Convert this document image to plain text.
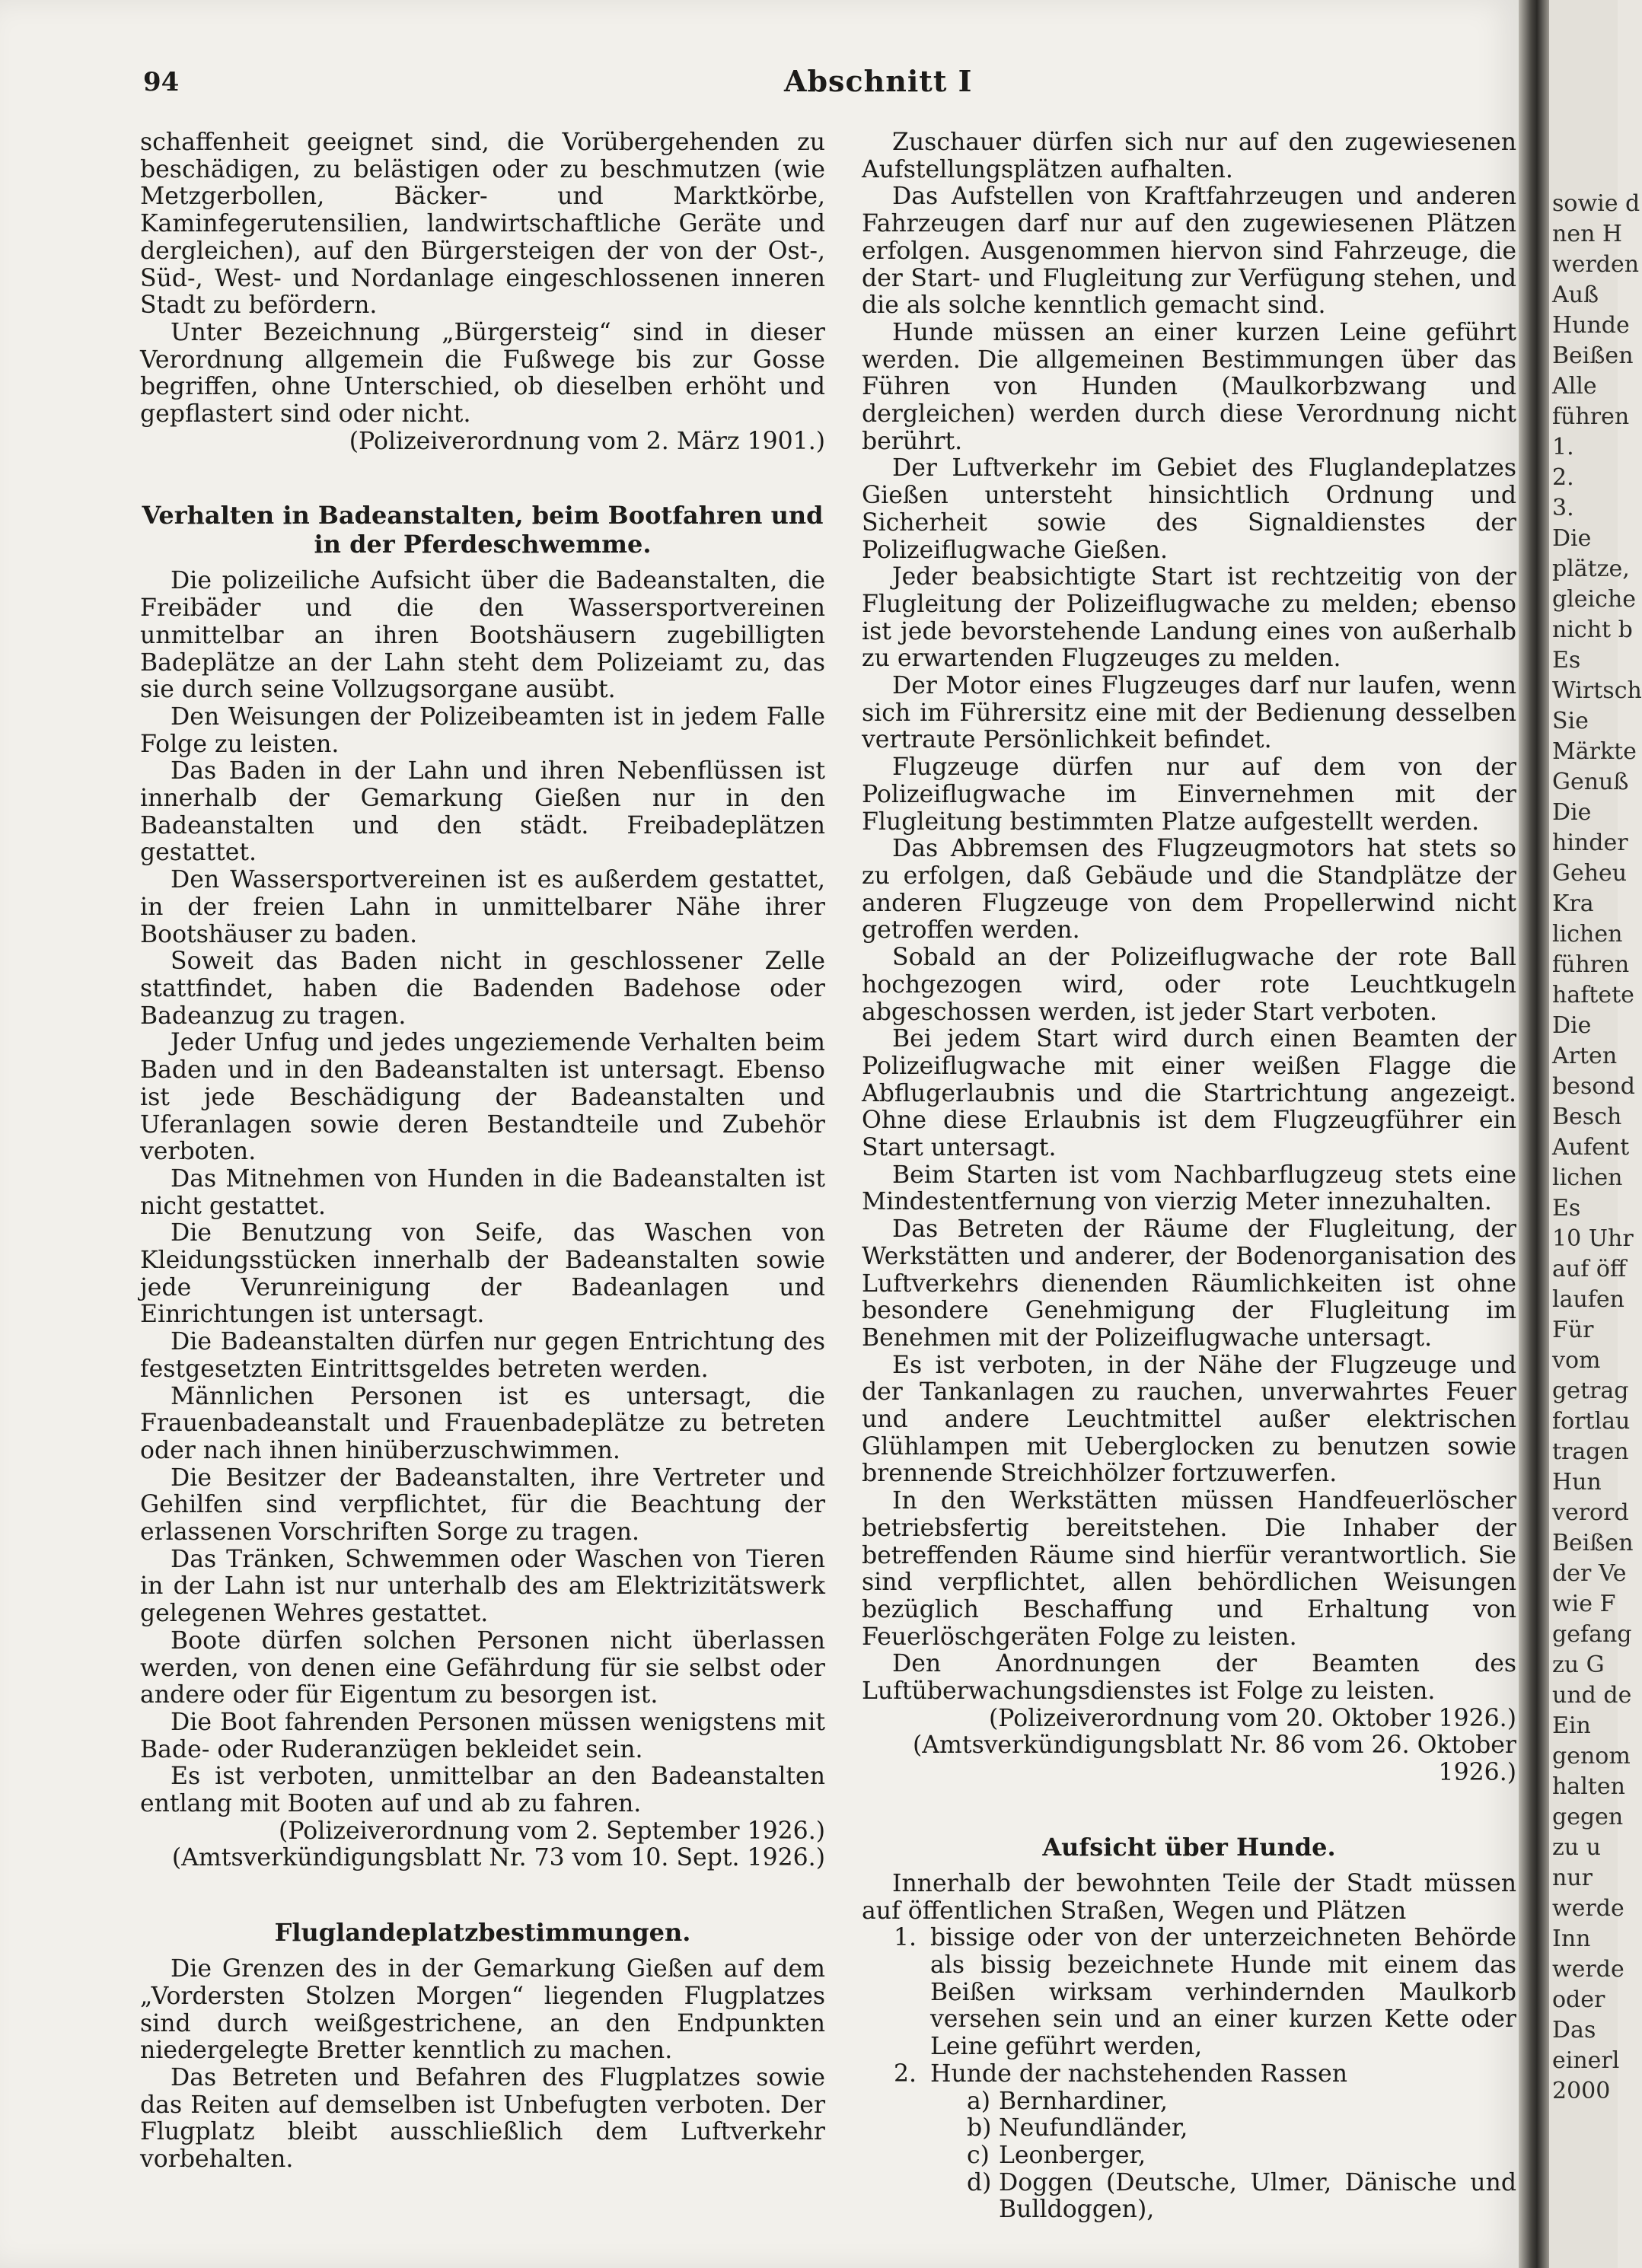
94	Abschnitt I

schaffenheit geeignet sind, die Vorübergehenden zu beschädigen, zu belästigen oder zu beschmutzen (wie Metzgerbollen, Bäcker- und Marktkörbe, Kaminfegerutensilien, landwirtschaftliche Geräte und dergleichen), auf den Bürgersteigen der von der Ost-, Süd-, West- und Nordanlage eingeschlossenen inneren Stadt zu befördern.

Unter Bezeichnung „Bürgersteig“ sind in dieser Verordnung allgemein die Fußwege bis zur Gosse begriffen, ohne Unterschied, ob dieselben erhöht und gepflastert sind oder nicht.

(Polizeiverordnung vom 2. März 1901.)

Verhalten in Badeanstalten, beim Bootfahren und in der Pferdeschwemme.

Die polizeiliche Aufsicht über die Badeanstalten, die Freibäder und die den Wassersportvereinen unmittelbar an ihren Bootshäusern zugebilligten Badeplätze an der Lahn steht dem Polizeiamt zu, das sie durch seine Vollzugsorgane ausübt.

Den Weisungen der Polizeibeamten ist in jedem Falle Folge zu leisten.

Das Baden in der Lahn und ihren Nebenflüssen ist innerhalb der Gemarkung Gießen nur in den Badeanstalten und den städt. Freibadeplätzen gestattet.

Den Wassersportvereinen ist es außerdem gestattet, in der freien Lahn in unmittelbarer Nähe ihrer Bootshäuser zu baden.

Soweit das Baden nicht in geschlossener Zelle stattfindet, haben die Badenden Badehose oder Badeanzug zu tragen.

Jeder Unfug und jedes ungeziemende Verhalten beim Baden und in den Badeanstalten ist untersagt. Ebenso ist jede Beschädigung der Badeanstalten und Uferanlagen sowie deren Bestandteile und Zubehör verboten.

Das Mitnehmen von Hunden in die Badeanstalten ist nicht gestattet.

Die Benutzung von Seife, das Waschen von Kleidungsstücken innerhalb der Badeanstalten sowie jede Verunreinigung der Badeanlagen und Einrichtungen ist untersagt.

Die Badeanstalten dürfen nur gegen Entrichtung des festgesetzten Eintrittsgeldes betreten werden.

Männlichen Personen ist es untersagt, die Frauenbadeanstalt und Frauenbadeplätze zu betreten oder nach ihnen hinüberzuschwimmen.

Die Besitzer der Badeanstalten, ihre Vertreter und Gehilfen sind verpflichtet, für die Beachtung der erlassenen Vorschriften Sorge zu tragen.

Das Tränken, Schwemmen oder Waschen von Tieren in der Lahn ist nur unterhalb des am Elektrizitätswerk gelegenen Wehres gestattet.

Boote dürfen solchen Personen nicht überlassen werden, von denen eine Gefährdung für sie selbst oder andere oder für Eigentum zu besorgen ist.

Die Boot fahrenden Personen müssen wenigstens mit Bade- oder Ruderanzügen bekleidet sein.

Es ist verboten, unmittelbar an den Badeanstalten entlang mit Booten auf und ab zu fahren.

(Polizeiverordnung vom 2. September 1926.)

(Amtsverkündigungsblatt Nr. 73 vom 10. Sept. 1926.)

Fluglandeplatzbestimmungen.

Die Grenzen des in der Gemarkung Gießen auf dem „Vordersten Stolzen Morgen“ liegenden Flugplatzes sind durch weißgestrichene, an den Endpunkten niedergelegte Bretter kenntlich zu machen.

Das Betreten und Befahren des Flugplatzes sowie das Reiten auf demselben ist Unbefugten verboten. Der Flugplatz bleibt ausschließlich dem Luftverkehr vorbehalten.

Zuschauer dürfen sich nur auf den zugewiesenen Aufstellungsplätzen aufhalten.

Das Aufstellen von Kraftfahrzeugen und anderen Fahrzeugen darf nur auf den zugewiesenen Plätzen erfolgen. Ausgenommen hiervon sind Fahrzeuge, die der Start- und Flugleitung zur Verfügung stehen, und die als solche kenntlich gemacht sind.

Hunde müssen an einer kurzen Leine geführt werden. Die allgemeinen Bestimmungen über das Führen von Hunden (Maulkorbzwang und dergleichen) werden durch diese Verordnung nicht berührt.

Der Luftverkehr im Gebiet des Fluglandeplatzes Gießen untersteht hinsichtlich Ordnung und Sicherheit sowie des Signaldienstes der Polizeiflugwache Gießen.

Jeder beabsichtigte Start ist rechtzeitig von der Flugleitung der Polizeiflugwache zu melden; ebenso ist jede bevorstehende Landung eines von außerhalb zu erwartenden Flugzeuges zu melden.

Der Motor eines Flugzeuges darf nur laufen, wenn sich im Führersitz eine mit der Bedienung desselben vertraute Persönlichkeit befindet.

Flugzeuge dürfen nur auf dem von der Polizeiflugwache im Einvernehmen mit der Flugleitung bestimmten Platze aufgestellt werden.

Das Abbremsen des Flugzeugmotors hat stets so zu erfolgen, daß Gebäude und die Standplätze der anderen Flugzeuge von dem Propellerwind nicht getroffen werden.

Sobald an der Polizeiflugwache der rote Ball hochgezogen wird, oder rote Leuchtkugeln abgeschossen werden, ist jeder Start verboten.

Bei jedem Start wird durch einen Beamten der Polizeiflugwache mit einer weißen Flagge die Abflugerlaubnis und die Startrichtung angezeigt. Ohne diese Erlaubnis ist dem Flugzeugführer ein Start untersagt.

Beim Starten ist vom Nachbarflugzeug stets eine Mindestentfernung von vierzig Meter innezuhalten.

Das Betreten der Räume der Flugleitung, der Werkstätten und anderer, der Bodenorganisation des Luftverkehrs dienenden Räumlichkeiten ist ohne besondere Genehmigung der Flugleitung im Benehmen mit der Polizeiflugwache untersagt.

Es ist verboten, in der Nähe der Flugzeuge und der Tankanlagen zu rauchen, unverwahrtes Feuer und andere Leuchtmittel außer elektrischen Glühlampen mit Ueberglocken zu benutzen sowie brennende Streichhölzer fortzuwerfen.

In den Werkstätten müssen Handfeuerlöscher betriebsfertig bereitstehen. Die Inhaber der betreffenden Räume sind hierfür verantwortlich. Sie sind verpflichtet, allen behördlichen Weisungen bezüglich Beschaffung und Erhaltung von Feuerlöschgeräten Folge zu leisten.

Den Anordnungen der Beamten des Luftüberwachungsdienstes ist Folge zu leisten.

(Polizeiverordnung vom 20. Oktober 1926.)

(Amtsverkündigungsblatt Nr. 86 vom 26. Oktober 1926.)

Aufsicht über Hunde.

Innerhalb der bewohnten Teile der Stadt müssen auf öffentlichen Straßen, Wegen und Plätzen

1. bissige oder von der unterzeichneten Behörde als bissig bezeichnete Hunde mit einem das Beißen wirksam verhindernden Maulkorb versehen sein und an einer kurzen Kette oder Leine geführt werden,
2. Hunde der nachstehenden Rassen
a) Bernhardiner,
b) Neufundländer,
c) Leonberger,
d) Doggen (Deutsche, Ulmer, Dänische und Bulldoggen),
sowie d
nen H
werden
Auß
Hunde
Beißen
Alle
führen
1.
2.
3.
Die
plätze,
gleiche
nicht b
Es
Wirtsch
Sie
Märkte
Genuß
Die
hinder
Geheu
Kra
lichen
führen
haftete
Die
Arten
besond
Besch
Aufent
lichen
Es
10 Uhr
auf öff
laufen
Für
vom
getrag
fortlau
tragen
Hun
verord
Beißen
der Ve
wie F
gefang
zu G
und de
Ein
genom
halten
gegen
zu u
nur
werde
Inn
werde
oder
Das
einerl
2000
